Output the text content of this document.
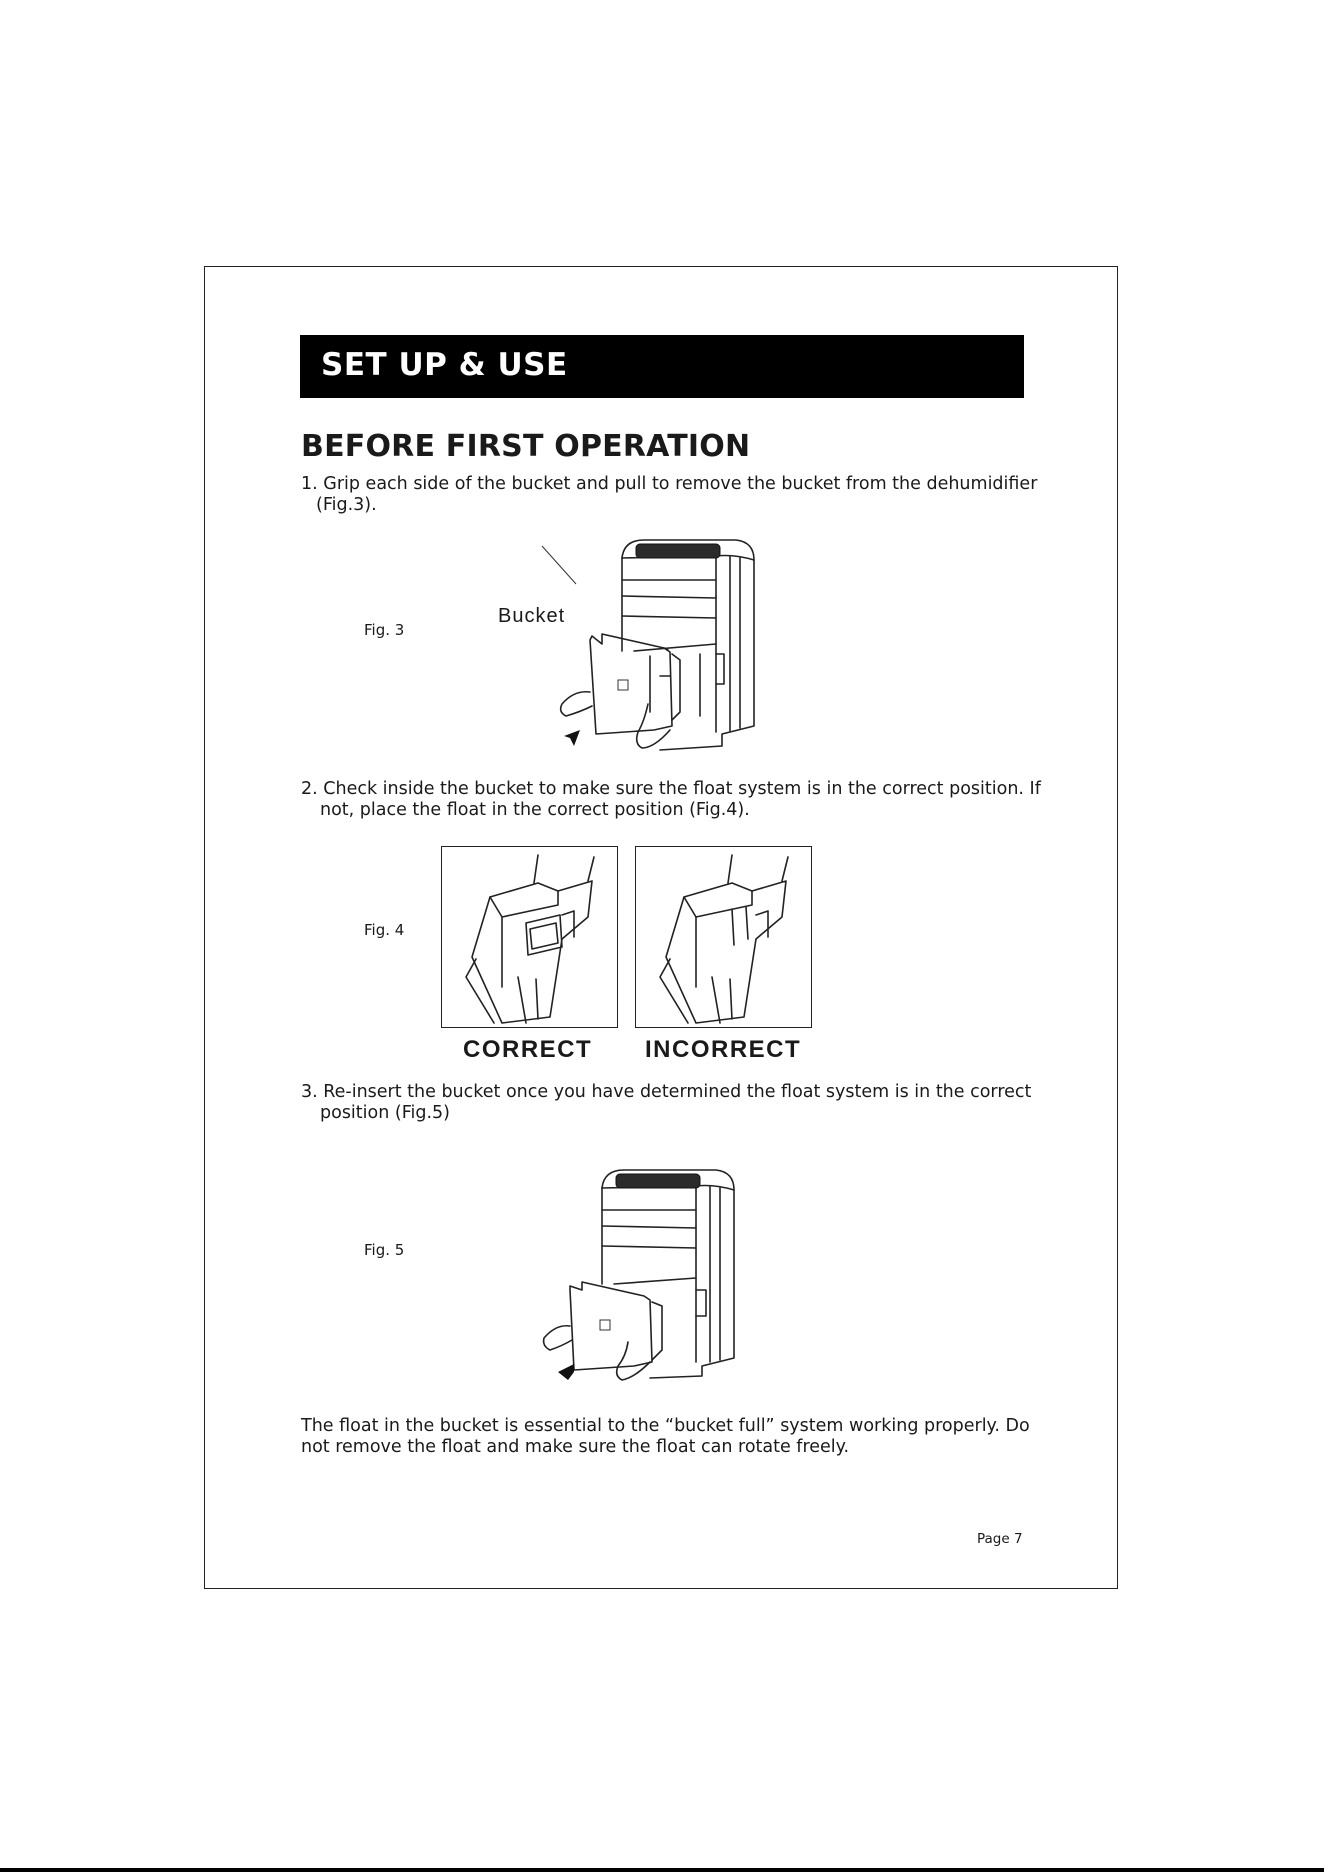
SET UP & USE
BEFORE FIRST OPERATION
1. Grip each side of the bucket and pull to remove the bucket from the dehumidifier
(Fig.3).
Fig. 3
Bucket
2. Check inside the bucket to make sure the float system is in the correct position. If
not, place the float in the correct position (Fig.4).
Fig. 4
CORRECT INCORRECT
3. Re-insert the bucket once you have determined the float system is in the correct
position (Fig.5)
Fig. 5
The float in the bucket is essential to the “bucket full” system working properly. Do
not remove the float and make sure the float can rotate freely.
Page 7
